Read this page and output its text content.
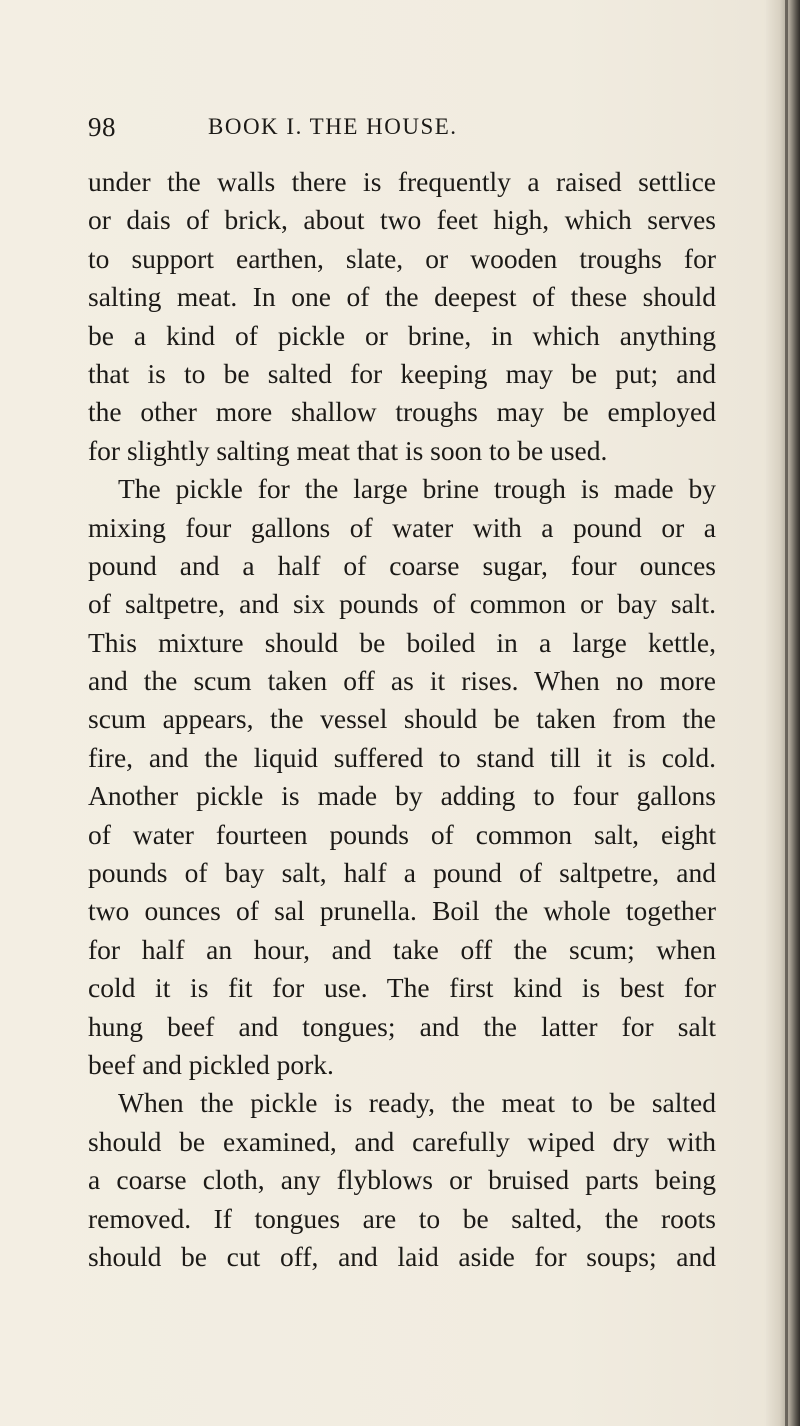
98	BOOK I. THE HOUSE.
under the walls there is frequently a raised settlice
or dais of brick, about two feet high, which serves
to support earthen, slate, or wooden troughs for
salting meat. In one of the deepest of these should
be a kind of pickle or brine, in which anything
that is to be salted for keeping may be put; and
the other more shallow troughs may be employed
for slightly salting meat that is soon to be used.
The pickle for the large brine trough is made by
mixing four gallons of water with a pound or a
pound and a half of coarse sugar, four ounces
of saltpetre, and six pounds of common or bay salt.
This mixture should be boiled in a large kettle,
and the scum taken off as it rises. When no more
scum appears, the vessel should be taken from the
fire, and the liquid suffered to stand till it is cold.
Another pickle is made by adding to four gallons
of water fourteen pounds of common salt, eight
pounds of bay salt, half a pound of saltpetre, and
two ounces of sal prunella. Boil the whole together
for half an hour, and take off the scum; when
cold it is fit for use. The first kind is best for
hung beef and tongues; and the latter for salt
beef and pickled pork.
When the pickle is ready, the meat to be salted
should be examined, and carefully wiped dry with
a coarse cloth, any flyblows or bruised parts being
removed. If tongues are to be salted, the roots
should be cut off, and laid aside for soups; and
